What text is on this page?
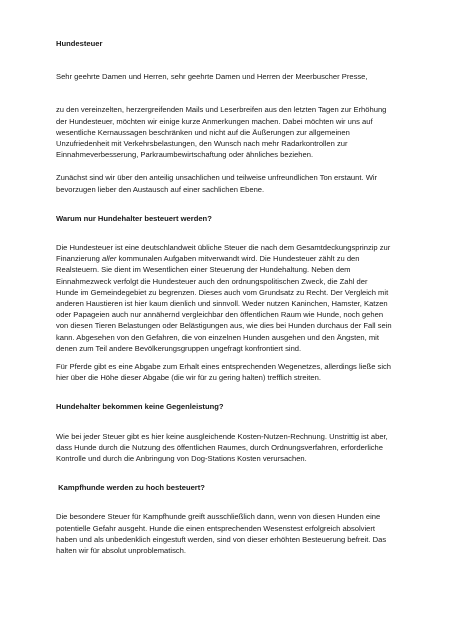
Hundesteuer

Sehr geehrte Damen und Herren, sehr geehrte Damen und Herren der Meerbuscher Presse,

zu den vereinzelten, herzergreifenden Mails und Leserbreifen aus den letzten Tagen zur Erhöhung
der Hundesteuer, möchten wir einige kurze Anmerkungen machen. Dabei möchten wir uns auf
wesentliche Kernaussagen beschränken und nicht auf die Äußerungen zur allgemeinen
Unzufriedenheit mit Verkehrsbelastungen, den Wunsch nach mehr Radarkontrollen zur
Einnahmeverbesserung, Parkraumbewirtschaftung oder ähnliches beziehen.

Zunächst sind wir über den anteilig unsachlichen und teilweise unfreundlichen Ton erstaunt. Wir
bevorzugen lieber den Austausch auf einer sachlichen Ebene.

Warum nur Hundehalter besteuert werden?

Die Hundesteuer ist eine deutschlandweit übliche Steuer die nach dem Gesamtdeckungsprinzip zur
Finanzierung aller kommunalen Aufgaben mitverwandt wird. Die Hundesteuer zählt zu den
Realsteuern. Sie dient im Wesentlichen einer Steuerung der Hundehaltung. Neben dem
Einnahmezweck verfolgt die Hundesteuer auch den ordnungspolitischen Zweck, die Zahl der
Hunde im Gemeindegebiet zu begrenzen. Dieses auch vom Grundsatz zu Recht. Der Vergleich mit
anderen Haustieren ist hier kaum dienlich und sinnvoll. Weder nutzen Kaninchen, Hamster, Katzen
oder Papageien auch nur annähernd vergleichbar den öffentlichen Raum wie Hunde, noch gehen
von diesen Tieren Belastungen oder Belästigungen aus, wie dies bei Hunden durchaus der Fall sein
kann. Abgesehen von den Gefahren, die von einzelnen Hunden ausgehen und den Ängsten, mit
denen zum Teil andere Bevölkerungsgruppen ungefragt konfrontiert sind.

Für Pferde gibt es eine Abgabe zum Erhalt eines entsprechenden Wegenetzes, allerdings ließe sich
hier über die Höhe dieser Abgabe (die wir für zu gering halten) trefflich streiten.

Hundehalter bekommen keine Gegenleistung?

Wie bei jeder Steuer gibt es hier keine ausgleichende Kosten-Nutzen-Rechnung. Unstrittig ist aber,
dass Hunde durch die Nutzung des öffentlichen Raumes, durch Ordnungsverfahren, erforderliche
Kontrolle und durch die Anbringung von Dog-Stations Kosten verursachen.

Kampfhunde werden zu hoch besteuert?

Die besondere Steuer für Kampfhunde greift ausschließlich dann, wenn von diesen Hunden eine
potentielle Gefahr ausgeht. Hunde die einen entsprechenden Wesenstest erfolgreich absolviert
haben und als unbedenklich eingestuft werden, sind von dieser erhöhten Besteuerung befreit. Das
halten wir für absolut unproblematisch.
